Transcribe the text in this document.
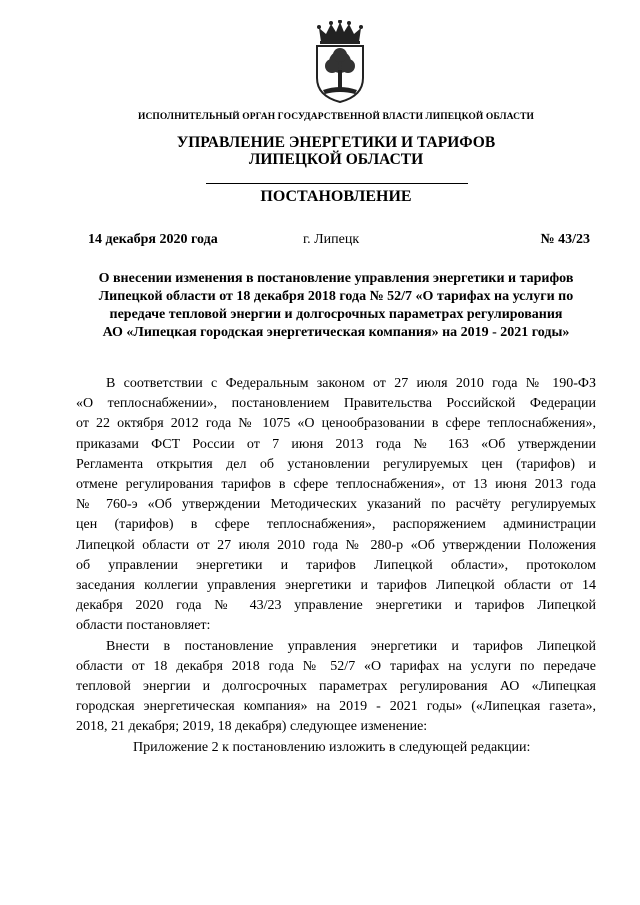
ИСПОЛНИТЕЛЬНЫЙ ОРГАН ГОСУДАРСТВЕННОЙ ВЛАСТИ ЛИПЕЦКОЙ ОБЛАСТИ
УПРАВЛЕНИЕ ЭНЕРГЕТИКИ И ТАРИФОВ
ЛИПЕЦКОЙ ОБЛАСТИ
ПОСТАНОВЛЕНИЕ
14 декабря 2020 года	г. Липецк	№ 43/23
О внесении изменения в постановление управления энергетики и тарифов
Липецкой области от 18 декабря 2018 года № 52/7 «О тарифах на услуги по
передаче тепловой энергии и долгосрочных параметрах регулирования
АО «Липецкая городская энергетическая компания» на 2019 - 2021 годы»
В соответствии с Федеральным законом от 27 июля 2010 года № 190-ФЗ
«О теплоснабжении», постановлением Правительства Российской Федерации
от 22 октября 2012 года № 1075 «О ценообразовании в сфере теплоснабжения»,
приказами ФСТ России от 7 июня 2013 года № 163 «Об утверждении
Регламента открытия дел об установлении регулируемых цен (тарифов) и
отмене регулирования тарифов в сфере теплоснабжения», от 13 июня 2013 года
№ 760-э «Об утверждении Методических указаний по расчёту регулируемых
цен (тарифов) в сфере теплоснабжения», распоряжением администрации
Липецкой области от 27 июля 2010 года № 280-р «Об утверждении Положения
об управлении энергетики и тарифов Липецкой области», протоколом
заседания коллегии управления энергетики и тарифов Липецкой области от 14
декабря 2020 года № 43/23 управление энергетики и тарифов Липецкой
области постановляет:
Внести в постановление управления энергетики и тарифов Липецкой
области от 18 декабря 2018 года № 52/7 «О тарифах на услуги по передаче
тепловой энергии и долгосрочных параметрах регулирования АО «Липецкая
городская энергетическая компания» на 2019 - 2021 годы» («Липецкая газета»,
2018, 21 декабря; 2019, 18 декабря) следующее изменение:
Приложение 2 к постановлению изложить в следующей редакции:
